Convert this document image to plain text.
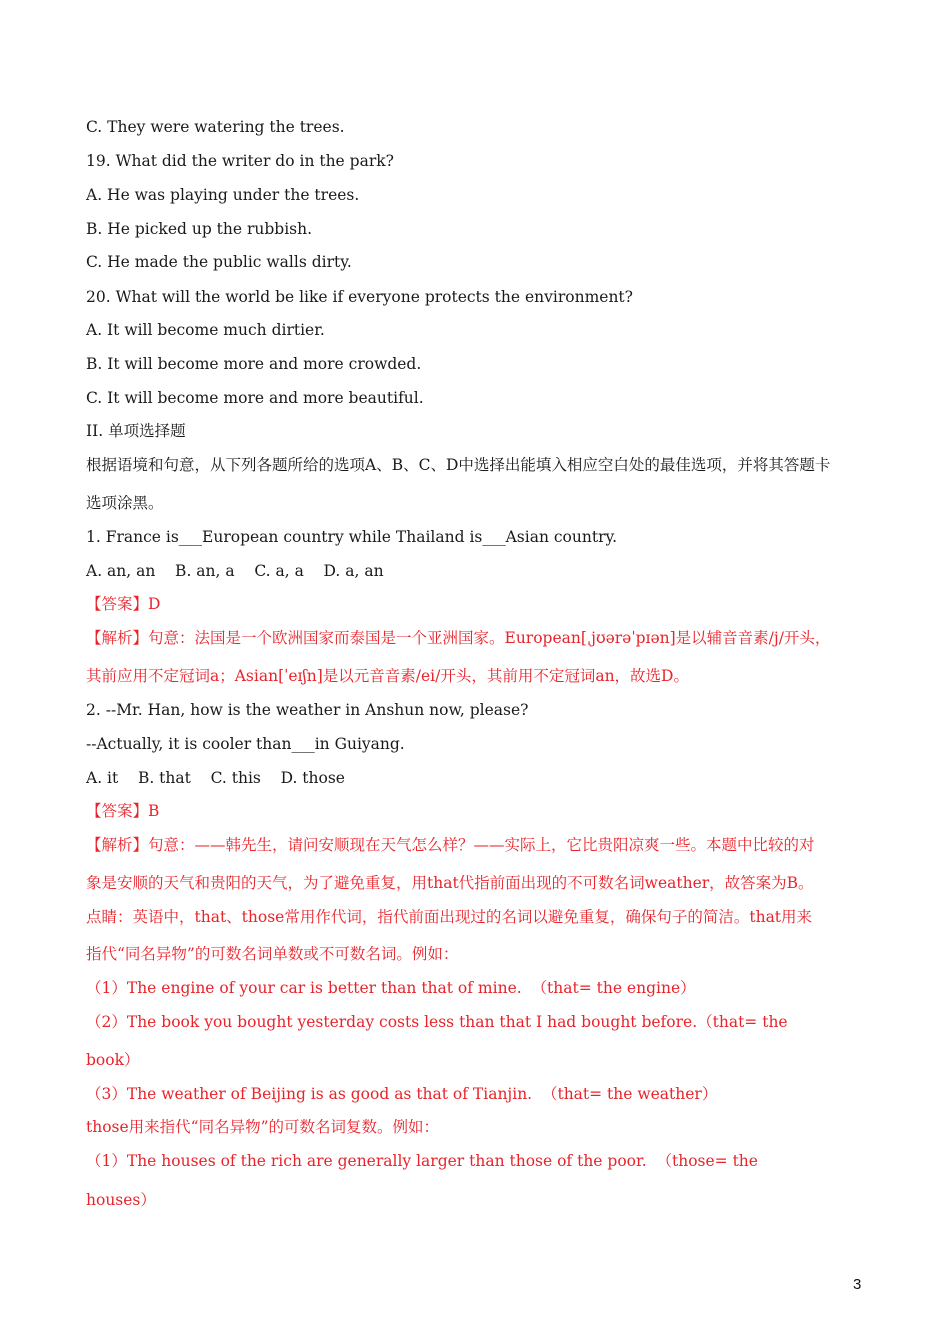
C. They were watering the trees.
19. What did the writer do in the park?
A. He was playing under the trees.
B. He picked up the rubbish.
C. He made the public walls dirty.
20. What will the world be like if everyone protects the environment?
A. It will become much dirtier.
B. It will become more and more crowded.
C. It will become more and more beautiful.
II. 单项选择题
根据语境和句意，从下列各题所给的选项A、B、C、D中选择出能填入相应空白处的最佳选项，并将其答题卡
选项涂黑。
1. France is___European country while Thailand is___Asian country.
A. an, an    B. an, a    C. a, a    D. a, an
【答案】D
【解析】句意：法国是一个欧洲国家而泰国是一个亚洲国家。European[ˌjʊərəˈpɪən]是以辅音音素/j/开头，
其前应用不定冠词a；Asian[ˈeɪʃn]是以元音音素/ei/开头，其前用不定冠词an，故选D。
2. --Mr. Han, how is the weather in Anshun now, please?
--Actually, it is cooler than___in Guiyang.
A. it    B. that    C. this    D. those
【答案】B
【解析】句意：——韩先生，请问安顺现在天气怎么样？——实际上，它比贵阳凉爽一些。本题中比较的对
象是安顺的天气和贵阳的天气，为了避免重复，用that代指前面出现的不可数名词weather，故答案为B。
点睛：英语中，that、those常用作代词，指代前面出现过的名词以避免重复，确保句子的简洁。that用来
指代“同名异物”的可数名词单数或不可数名词。例如：
（1）The engine of your car is better than that of mine.  （that= the engine）
（2）The book you bought yesterday costs less than that I had bought before.（that= the
book）
（3）The weather of Beijing is as good as that of Tianjin.  （that= the weather）
those用来指代“同名异物”的可数名词复数。例如：
（1）The houses of the rich are generally larger than those of the poor.  （those= the
houses）
3
